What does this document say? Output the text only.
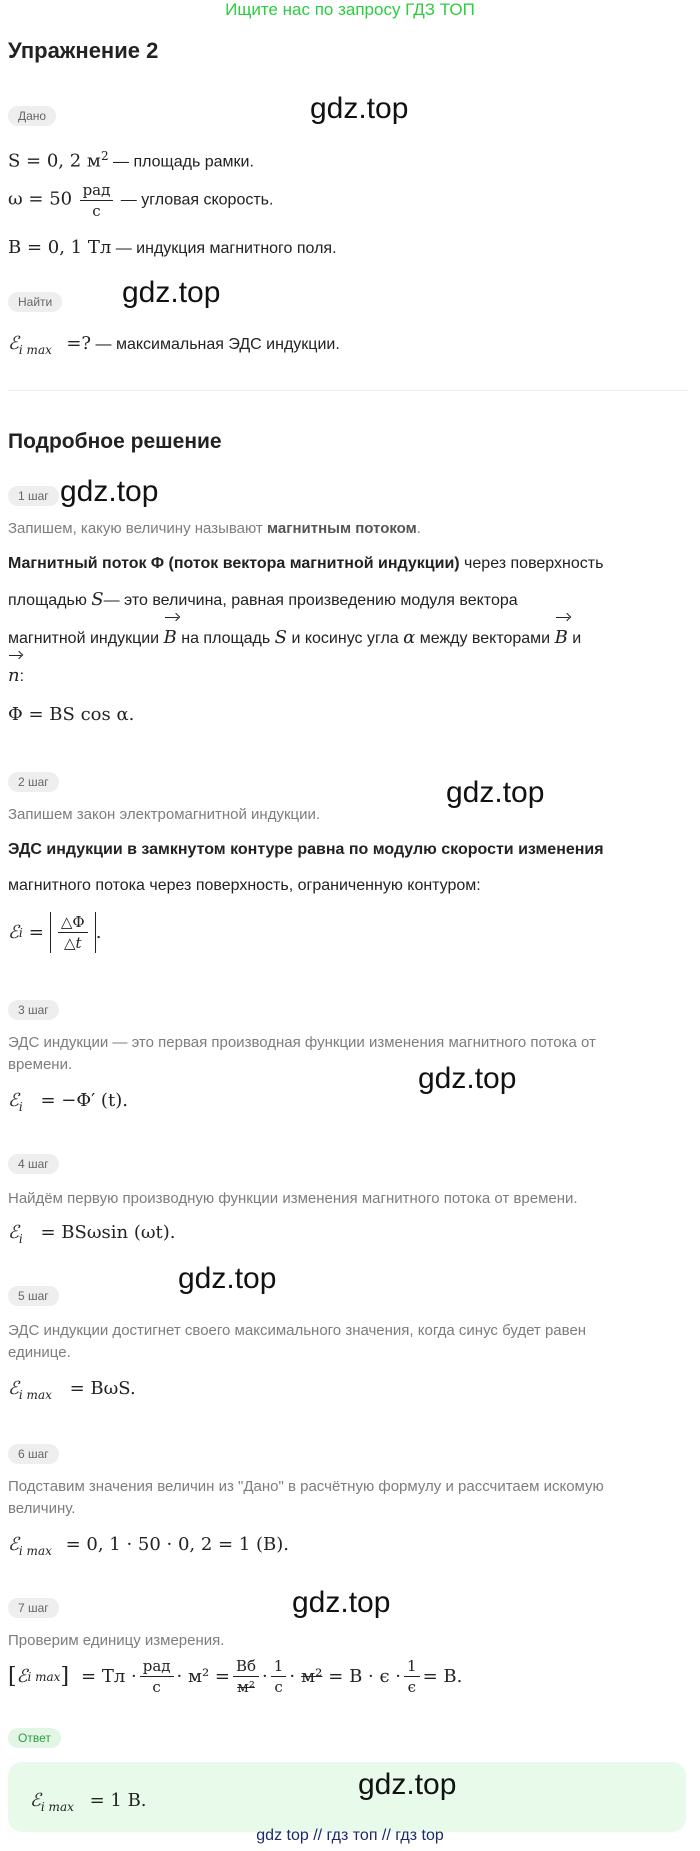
Ищите нас по запросу ГДЗ ТОП
Упражнение 2
gdz.top
gdz.top
gdz.top
gdz.top
gdz.top
gdz.top
gdz.top
Дано
S = 0, 2 $м^2$ — площадь рамки.
$\omega = 50 \frac{\text{рад}}{с}$ — угловая скорость.
B = 0, 1 Тл — индукция магнитного поля.
Найти
ℰ$_{i max}$ =? — максимальная ЭДС индукции.
Подробное решение
1 шаг
Запишем, какую величину называют магнитным потоком.
Магнитный поток Φ (поток вектора магнитной индукции) через поверхность
площадью S— это величина, равная произведению модуля вектора
магнитной индукции B на площадь S и косинус угла α между векторами B и
n:
Φ = BS cos α.
2 шаг
Запишем закон электромагнитной индукции.
ЭДС индукции в замкнутом контуре равна по модулю скорости изменения
магнитного потока через поверхность, ограниченную контуром:
ℰ $i = \frac{\triangle\Phi}{\triangle t}$ .
3 шаг
ЭДС индукции — это первая производная функции изменения магнитного потока от
времени.
ℰ$_i$ = −Φ′ (t).
4 шаг
Найдём первую производную функции изменения магнитного потока от времени.
ℰ$_i$ = BSωsin (ωt).
5 шаг
ЭДС индукции достигнет своего максимального значения, когда синус будет равен
единице.
ℰ$_{i max}$ = BωS.
6 шаг
Подставим значения величин из "Дано" в расчётную формулу и рассчитаем искомую
величину.
ℰ$_{i max}$ = 0, 1 · 50 · 0, 2 = 1 (В).
7 шаг
Проверим единицу измерения.
[ ℰ i max ] = Тл · $\frac{\text{рад}}{с} \cdot м^2 = \frac{Вб}{\text{м²}} \cdot \frac{1}{с} \cdot м^2 = В \cdot є \cdot \frac{1}{є} = В$.
Ответ
ℰ$_{i max}$ = 1 В.	gdz.top
gdz top // гдз топ // гдз top
